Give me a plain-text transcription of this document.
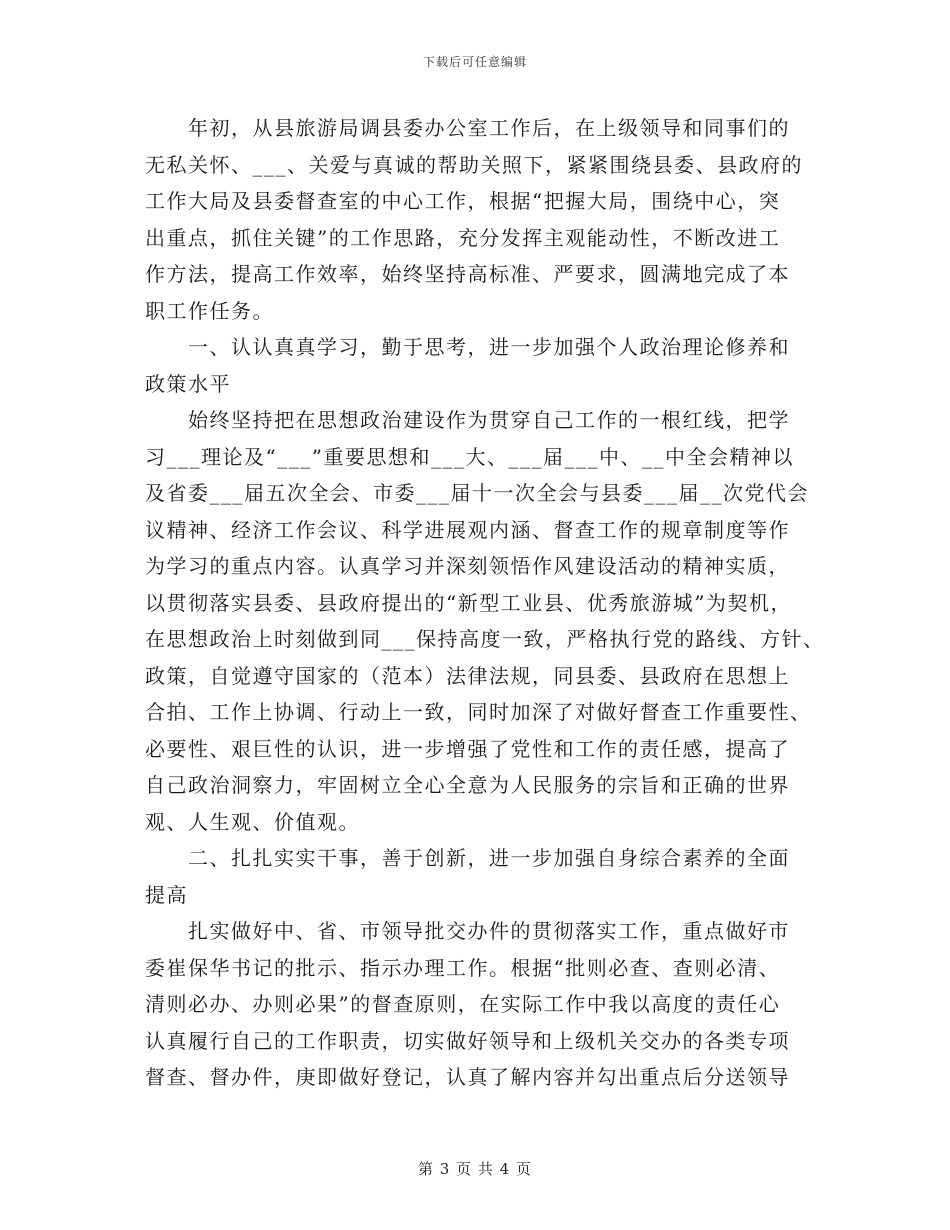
下载后可任意编辑
年初，从县旅游局调县委办公室工作后，在上级领导和同事们的
无私关怀、___、关爱与真诚的帮助关照下，紧紧围绕县委、县政府的
工作大局及县委督查室的中心工作，根据“把握大局，围绕中心，突
出重点，抓住关键”的工作思路，充分发挥主观能动性，不断改进工
作方法，提高工作效率，始终坚持高标准、严要求，圆满地完成了本
职工作任务。
一、认认真真学习，勤于思考，进一步加强个人政治理论修养和
政策水平
始终坚持把在思想政治建设作为贯穿自己工作的一根红线，把学
习___理论及“___”重要思想和___大、___届___中、__中全会精神以
及省委___届五次全会、市委___届十一次全会与县委___届__次党代会
议精神、经济工作会议、科学进展观内涵、督查工作的规章制度等作
为学习的重点内容。认真学习并深刻领悟作风建设活动的精神实质，
以贯彻落实县委、县政府提出的“新型工业县、优秀旅游城”为契机，
在思想政治上时刻做到同___保持高度一致，严格执行党的路线、方针、
政策，自觉遵守国家的（范本）法律法规，同县委、县政府在思想上
合拍、工作上协调、行动上一致，同时加深了对做好督查工作重要性、
必要性、艰巨性的认识，进一步增强了党性和工作的责任感，提高了
自己政治洞察力，牢固树立全心全意为人民服务的宗旨和正确的世界
观、人生观、价值观。
二、扎扎实实干事，善于创新，进一步加强自身综合素养的全面
提高
扎实做好中、省、市领导批交办件的贯彻落实工作，重点做好市
委崔保华书记的批示、指示办理工作。根据“批则必查、查则必清、
清则必办、办则必果”的督查原则，在实际工作中我以高度的责任心
认真履行自己的工作职责，切实做好领导和上级机关交办的各类专项
督查、督办件，庚即做好登记，认真了解内容并勾出重点后分送领导
第 3 页 共 4 页
